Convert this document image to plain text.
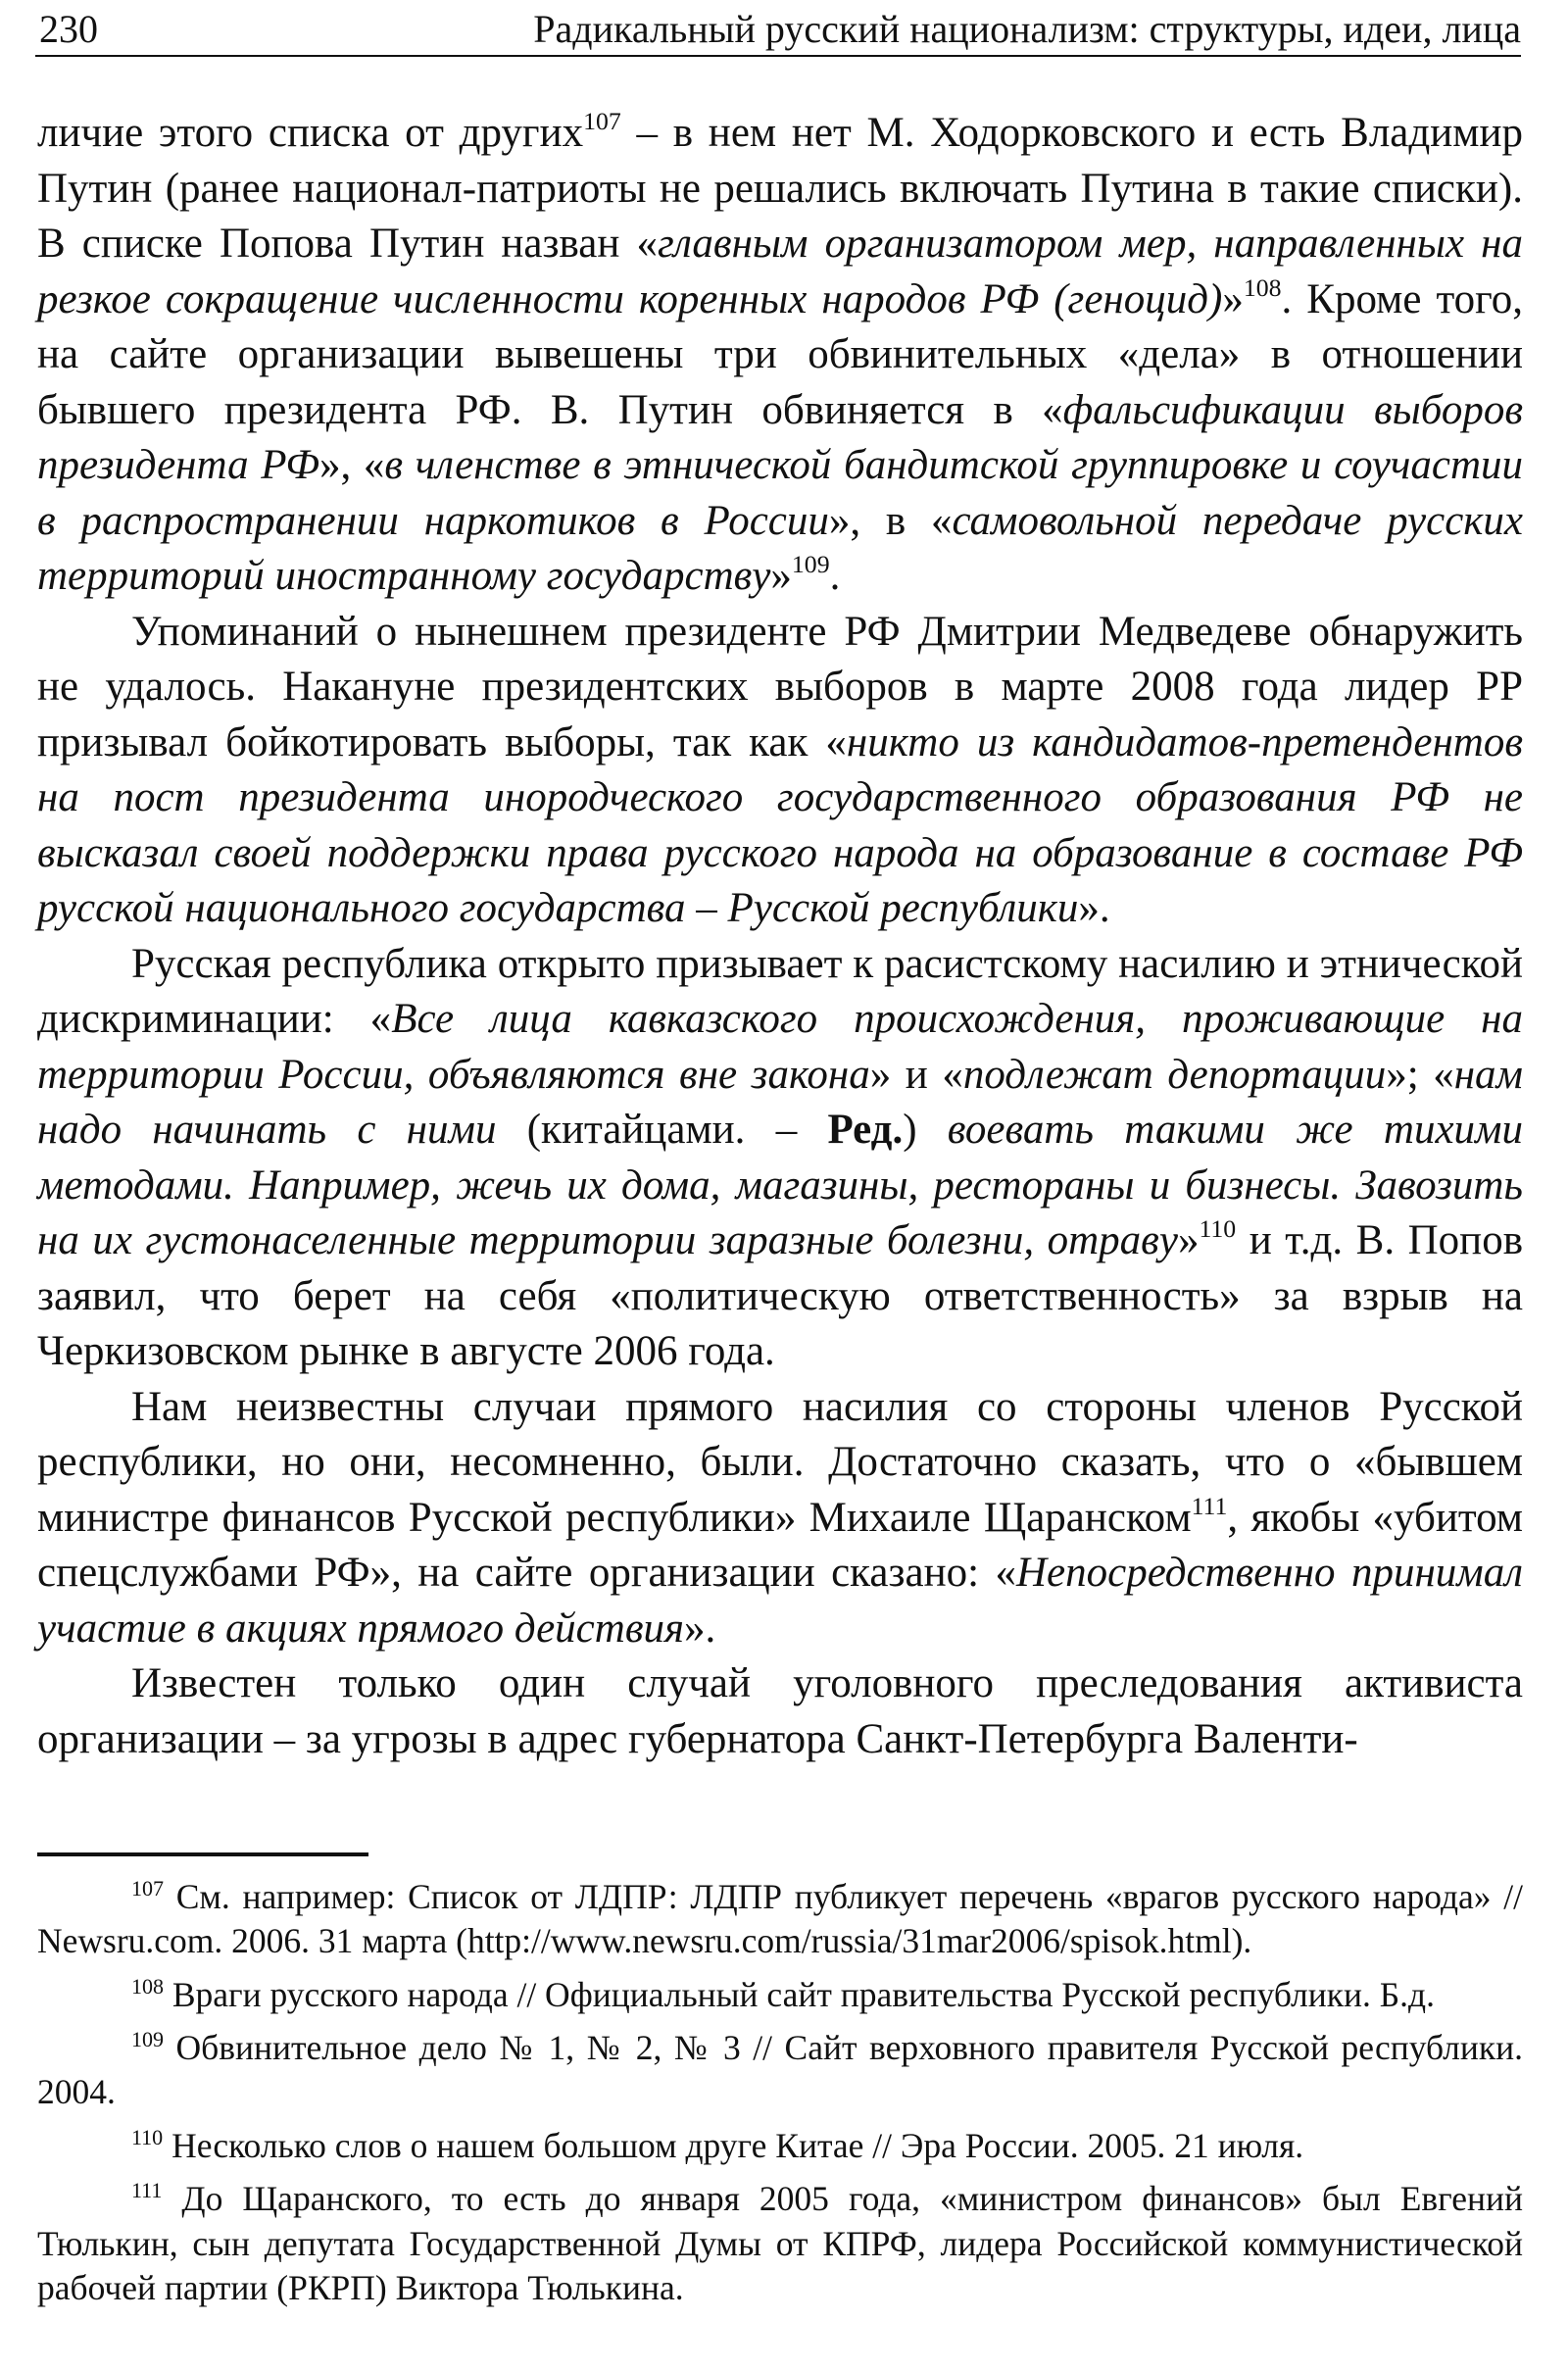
230	Радикальный русский национализм: структуры, идеи, лица

личие этого списка от других$^{107}$ – в нем нет М. Ходорковского и есть Владимир Путин (ранее национал-патриоты не решались включать Путина в такие списки). В списке Попова Путин назван «главным организатором мер, направленных на резкое сокращение численности коренных народов РФ (геноцид)»$^{108}$. Кроме того, на сайте организации вывешены три обвинительных «дела» в отношении бывшего президента РФ. В. Путин обвиняется в «фальсификации выборов президента РФ», «в членстве в этнической бандитской группировке и соучастии в распространении наркотиков в России», в «самовольной передаче русских территорий иностранному государству»$^{109}$.

Упоминаний о нынешнем президенте РФ Дмитрии Медведеве обнаружить не удалось. Накануне президентских выборов в марте 2008 года лидер РР призывал бойкотировать выборы, так как «никто из кандидатов-претендентов на пост президента инородческого государственного образования РФ не высказал своей поддержки права русского народа на образование в составе РФ русской национального государства – Русской республики».

Русская республика открыто призывает к расистскому насилию и этнической дискриминации: «Все лица кавказского происхождения, проживающие на территории России, объявляются вне закона» и «подлежат депортации»; «нам надо начинать с ними (китайцами. – Ред.) воевать такими же тихими методами. Например, жечь их дома, магазины, рестораны и бизнесы. Завозить на их густонаселенные территории заразные болезни, отраву»$^{110}$ и т.д. В. Попов заявил, что берет на себя «политическую ответственность» за взрыв на Черкизовском рынке в августе 2006 года.

Нам неизвестны случаи прямого насилия со стороны членов Русской республики, но они, несомненно, были. Достаточно сказать, что о «бывшем министре финансов Русской республики» Михаиле Щаранском$^{111}$, якобы «убитом спецслужбами РФ», на сайте организации сказано: «Непосредственно принимал участие в акциях прямого действия».

Известен только один случай уголовного преследования активиста организации – за угрозы в адрес губернатора Санкт-Петербурга Валенти-

$^{107}$ См. например: Список от ЛДПР: ЛДПР публикует перечень «врагов русского народа» // Newsru.com. 2006. 31 марта (http://www.newsru.com/russia/31mar2006/spisok.html).

$^{108}$ Враги русского народа // Официальный сайт правительства Русской республики. Б.д.

$^{109}$ Обвинительное дело № 1, № 2, № 3 // Сайт верховного правителя Русской республики. 2004.

$^{110}$ Несколько слов о нашем большом друге Китае // Эра России. 2005. 21 июля.

$^{111}$ До Щаранского, то есть до января 2005 года, «министром финансов» был Евгений Тюлькин, сын депутата Государственной Думы от КПРФ, лидера Российской коммунистической рабочей партии (РКРП) Виктора Тюлькина.
